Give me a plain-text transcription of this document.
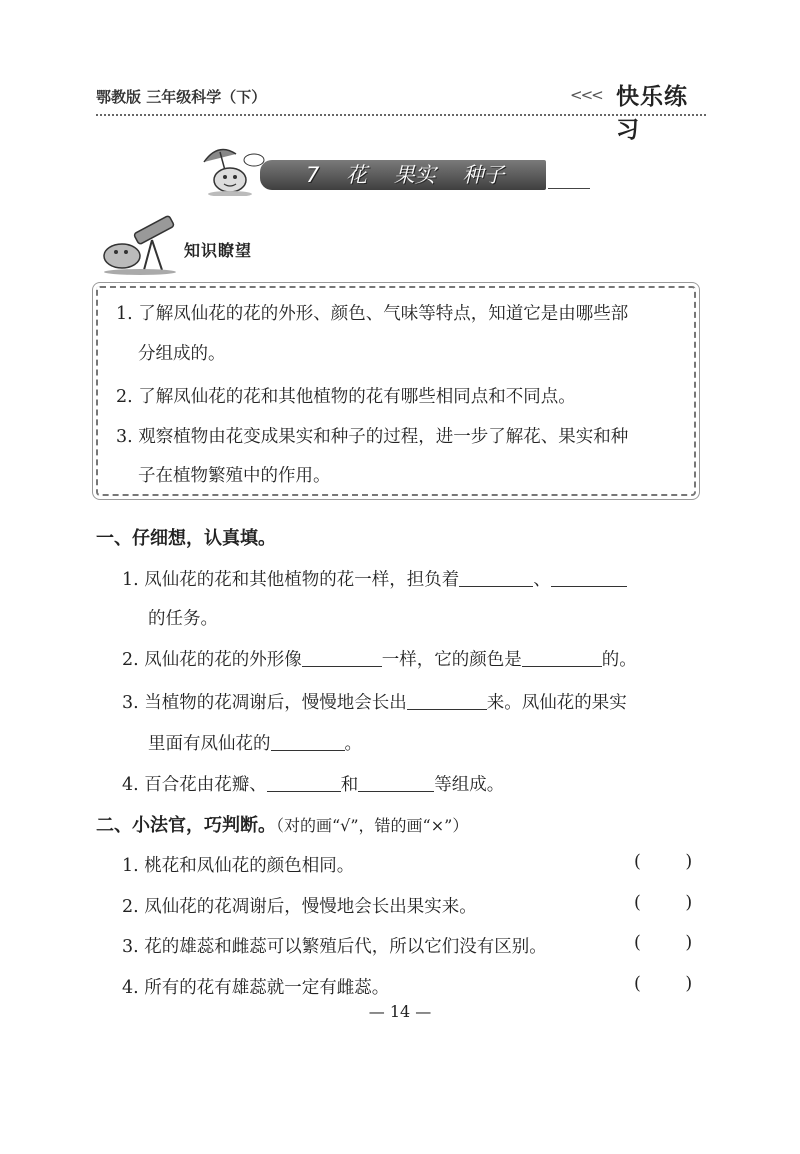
鄂教版 三年级科学（下）	<<< 快乐练习
7    花    果实    种子
知识瞭望
1. 了解凤仙花的花的外形、颜色、气味等特点，知道它是由哪些部
分组成的。
2. 了解凤仙花的花和其他植物的花有哪些相同点和不同点。
3. 观察植物由花变成果实和种子的过程，进一步了解花、果实和种
子在植物繁殖中的作用。
一、仔细想，认真填。
1. 凤仙花的花和其他植物的花一样，担负着	、
的任务。
2. 凤仙花的花的外形像	一样，它的颜色是	的。
3. 当植物的花凋谢后，慢慢地会长出	来。凤仙花的果实
里面有凤仙花的	。
4. 百合花由花瓣、	和	等组成。
二、小法官，巧判断。（对的画“√”，错的画“×”）
1. 桃花和凤仙花的颜色相同。	(        )
2. 凤仙花的花凋谢后，慢慢地会长出果实来。	(        )
3. 花的雄蕊和雌蕊可以繁殖后代，所以它们没有区别。	(        )
4. 所有的花有雄蕊就一定有雌蕊。	(        )
— 14 —
